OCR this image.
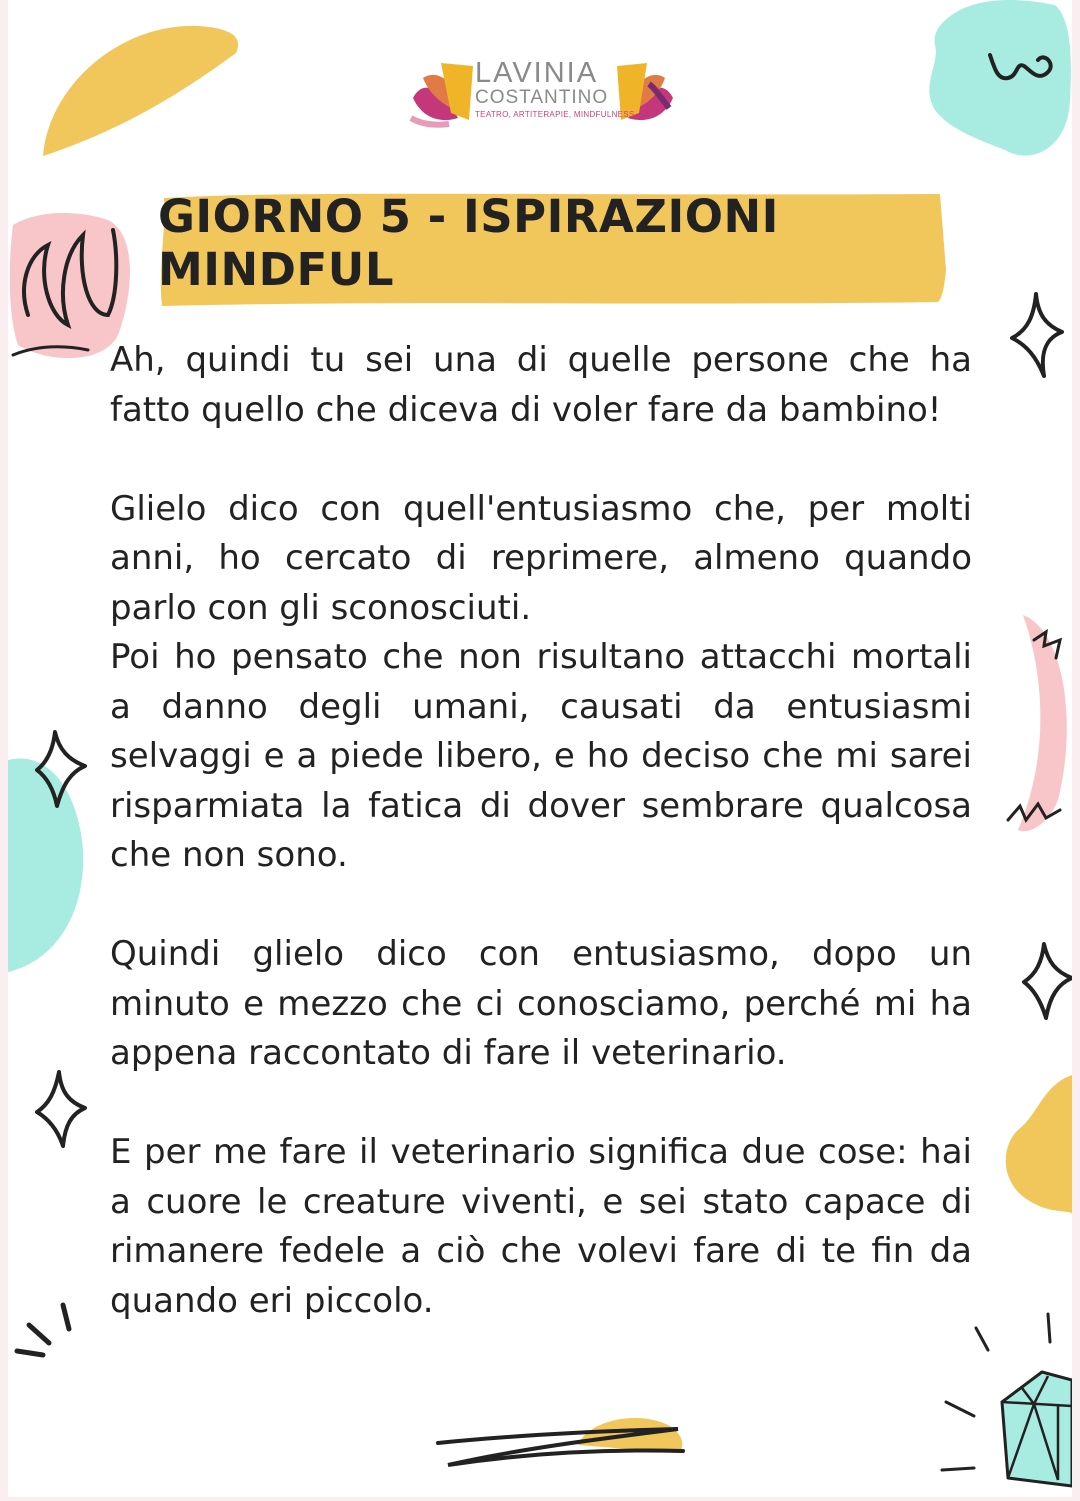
LAVINIA
COSTANTINO
TEATRO, ARTITERAPIE, MINDFULNESS
GIORNO 5 - ISPIRAZIONI MINDFUL

Ah, quindi tu sei una di quelle persone che ha fatto quello che diceva di voler fare da bambino!

Glielo dico con quell'entusiasmo che, per molti anni, ho cercato di reprimere, almeno quando parlo con gli sconosciuti.

Poi ho pensato che non risultano attacchi mortali a danno degli umani, causati da entusiasmi selvaggi e a piede libero, e ho deciso che mi sarei risparmiata la fatica di dover sembrare qualcosa che non sono.

Quindi glielo dico con entusiasmo, dopo un minuto e mezzo che ci conosciamo, perché mi ha appena raccontato di fare il veterinario.

E per me fare il veterinario significa due cose: hai a cuore le creature viventi, e sei stato capace di rimanere fedele a ciò che volevi fare di te fin da quando eri piccolo.
